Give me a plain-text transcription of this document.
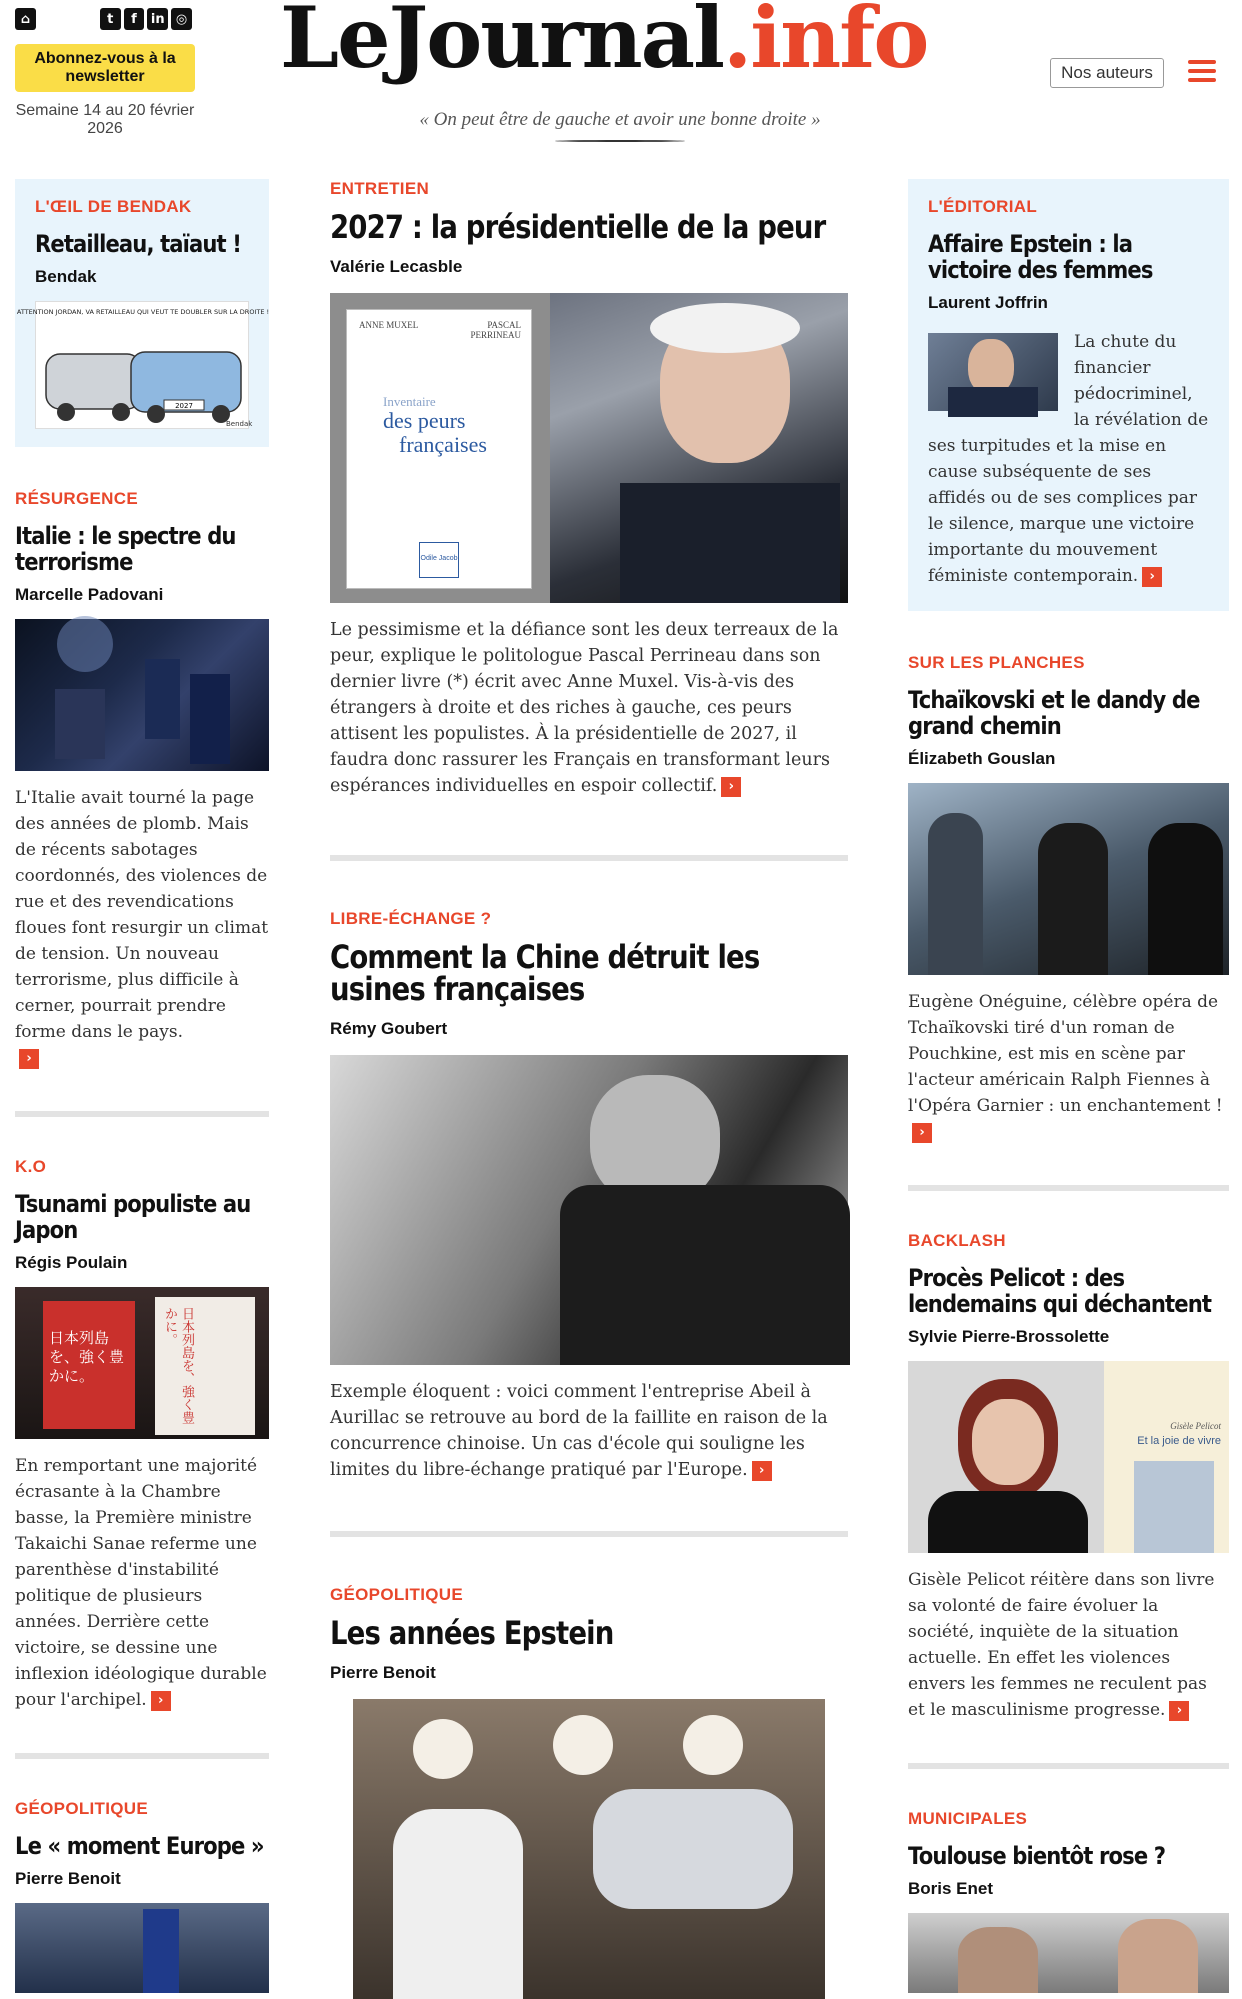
⌂	t	f	in ◎
Abonnez-vous à la newsletter
Semaine 14 au 20 février 2026
LeJournal.info
« On peut être de gauche et avoir une bonne droite »
Nos auteurs
L'ŒIL DE BENDAK
Retailleau, taïaut !
Bendak
ATTENTION JORDAN, VA RETAILLEAU QUI VEUT TE DOUBLER SUR LA DROITE !
2027
Bendak
RÉSURGENCE
Italie : le spectre du terrorisme
Marcelle Padovani

L'Italie avait tourné la page des années de plomb. Mais de récents sabotages coordonnés, des violences de rue et des revendications floues font resurgir un climat de tension. Un nouveau terrorisme, plus difficile à cerner, pourrait prendre forme dans le pays.
›

K.O
Tsunami populiste au Japon
Régis Poulain
日本列島を、強く豊かに。	日本列島を、強く豊かに。

En remportant une majorité écrasante à la Chambre basse, la Première ministre Takaichi Sanae referme une parenthèse d'instabilité politique de plusieurs années. Derrière cette victoire, se dessine une inflexion idéologique durable pour l'archipel. ›

GÉOPOLITIQUE
Le « moment Europe »
Pierre Benoit
ENTRETIEN
2027 : la présidentielle de la peur
Valérie Lecasble
ANNE MUXEL	PASCAL PERRINEAU
Inventaire
des peurs
françaises
Odile Jacob

Le pessimisme et la défiance sont les deux terreaux de la peur, explique le politologue Pascal Perrineau dans son dernier livre (*) écrit avec Anne Muxel. Vis-à-vis des étrangers à droite et des riches à gauche, ces peurs attisent les populistes. À la présidentielle de 2027, il faudra donc rassurer les Français en transformant leurs espérances individuelles en espoir collectif. ›

LIBRE-ÉCHANGE ?
Comment la Chine détruit les usines françaises
Rémy Goubert

Exemple éloquent : voici comment l'entreprise Abeil à Aurillac se retrouve au bord de la faillite en raison de la concurrence chinoise. Un cas d'école qui souligne les limites du libre-échange pratiqué par l'Europe. ›

GÉOPOLITIQUE
Les années Epstein
Pierre Benoit
L'ÉDITORIAL
Affaire Epstein : la victoire des femmes
Laurent Joffrin
La chute du financier pédocriminel, la révélation de ses turpitudes et la mise en cause subséquente de ses affidés ou de ses complices par le silence, marque une victoire importante du mouvement féministe contemporain. ›
SUR LES PLANCHES
Tchaïkovski et le dandy de grand chemin
Élizabeth Gouslan

Eugène Onéguine, célèbre opéra de Tchaïkovski tiré d'un roman de Pouchkine, est mis en scène par l'acteur américain Ralph Fiennes à l'Opéra Garnier : un enchantement !
›

BACKLASH
Procès Pelicot : des lendemains qui déchantent
Sylvie Pierre-Brossolette
Gisèle Pelicot
Et la joie de vivre

Gisèle Pelicot réitère dans son livre sa volonté de faire évoluer la société, inquiète de la situation actuelle. En effet les violences envers les femmes ne reculent pas et le masculinisme progresse. ›

MUNICIPALES
Toulouse bientôt rose ?
Boris Enet
